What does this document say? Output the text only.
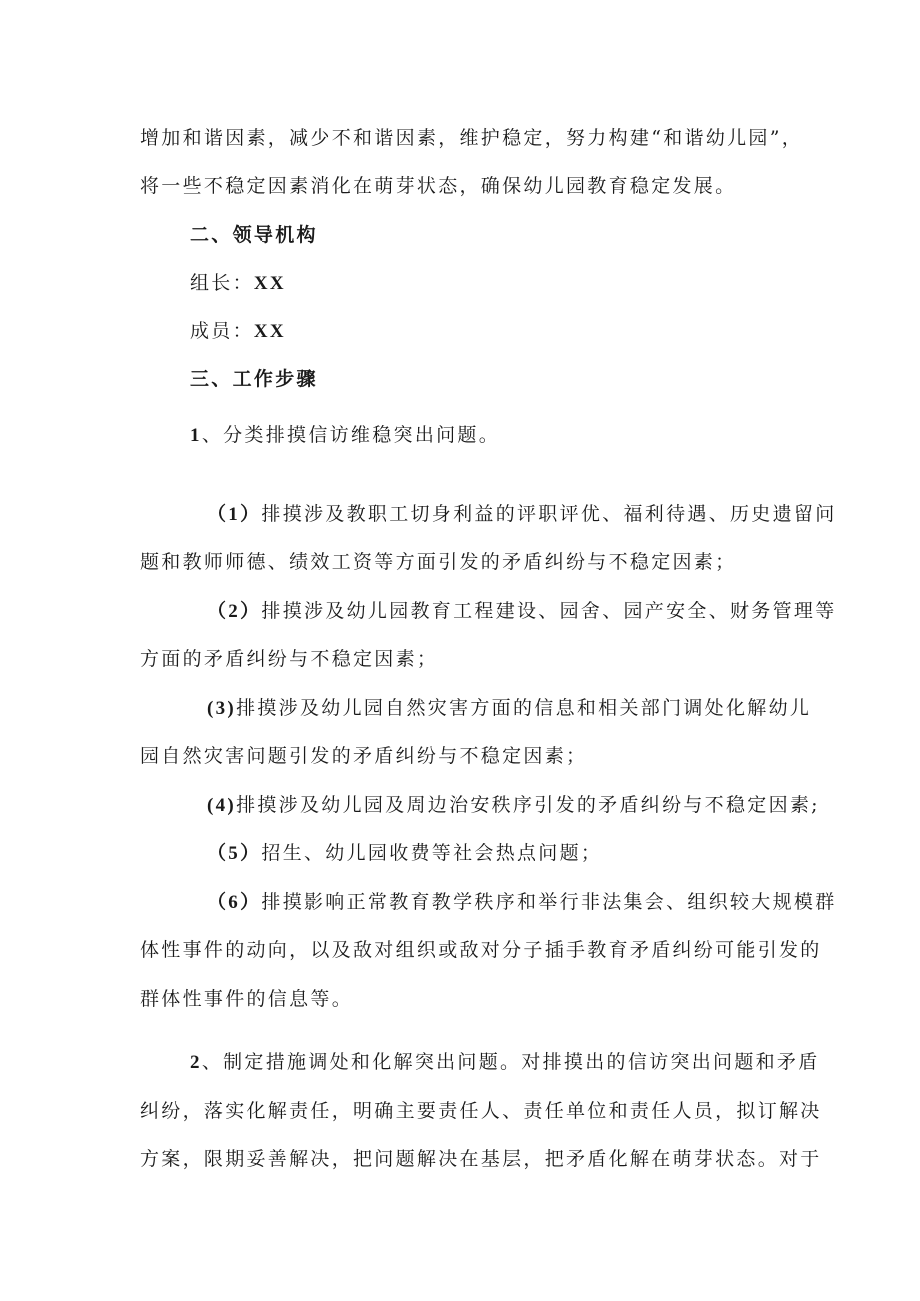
增加和谐因素，减少不和谐因素，维护稳定，努力构建“和谐幼儿园”，
将一些不稳定因素消化在萌芽状态，确保幼儿园教育稳定发展。
二、领导机构
组长：XX
成员：XX
三、工作步骤
1、分类排摸信访维稳突出问题。
（1）排摸涉及教职工切身利益的评职评优、福利待遇、历史遗留问
题和教师师德、绩效工资等方面引发的矛盾纠纷与不稳定因素；
（2）排摸涉及幼儿园教育工程建设、园舍、园产安全、财务管理等
方面的矛盾纠纷与不稳定因素；
(3)排摸涉及幼儿园自然灾害方面的信息和相关部门调处化解幼儿
园自然灾害问题引发的矛盾纠纷与不稳定因素；
(4)排摸涉及幼儿园及周边治安秩序引发的矛盾纠纷与不稳定因素;
（5）招生、幼儿园收费等社会热点问题；
（6）排摸影响正常教育教学秩序和举行非法集会、组织较大规模群
体性事件的动向，以及敌对组织或敌对分子插手教育矛盾纠纷可能引发的
群体性事件的信息等。
2、制定措施调处和化解突出问题。对排摸出的信访突出问题和矛盾
纠纷，落实化解责任，明确主要责任人、责任单位和责任人员，拟订解决
方案，限期妥善解决，把问题解决在基层，把矛盾化解在萌芽状态。对于
